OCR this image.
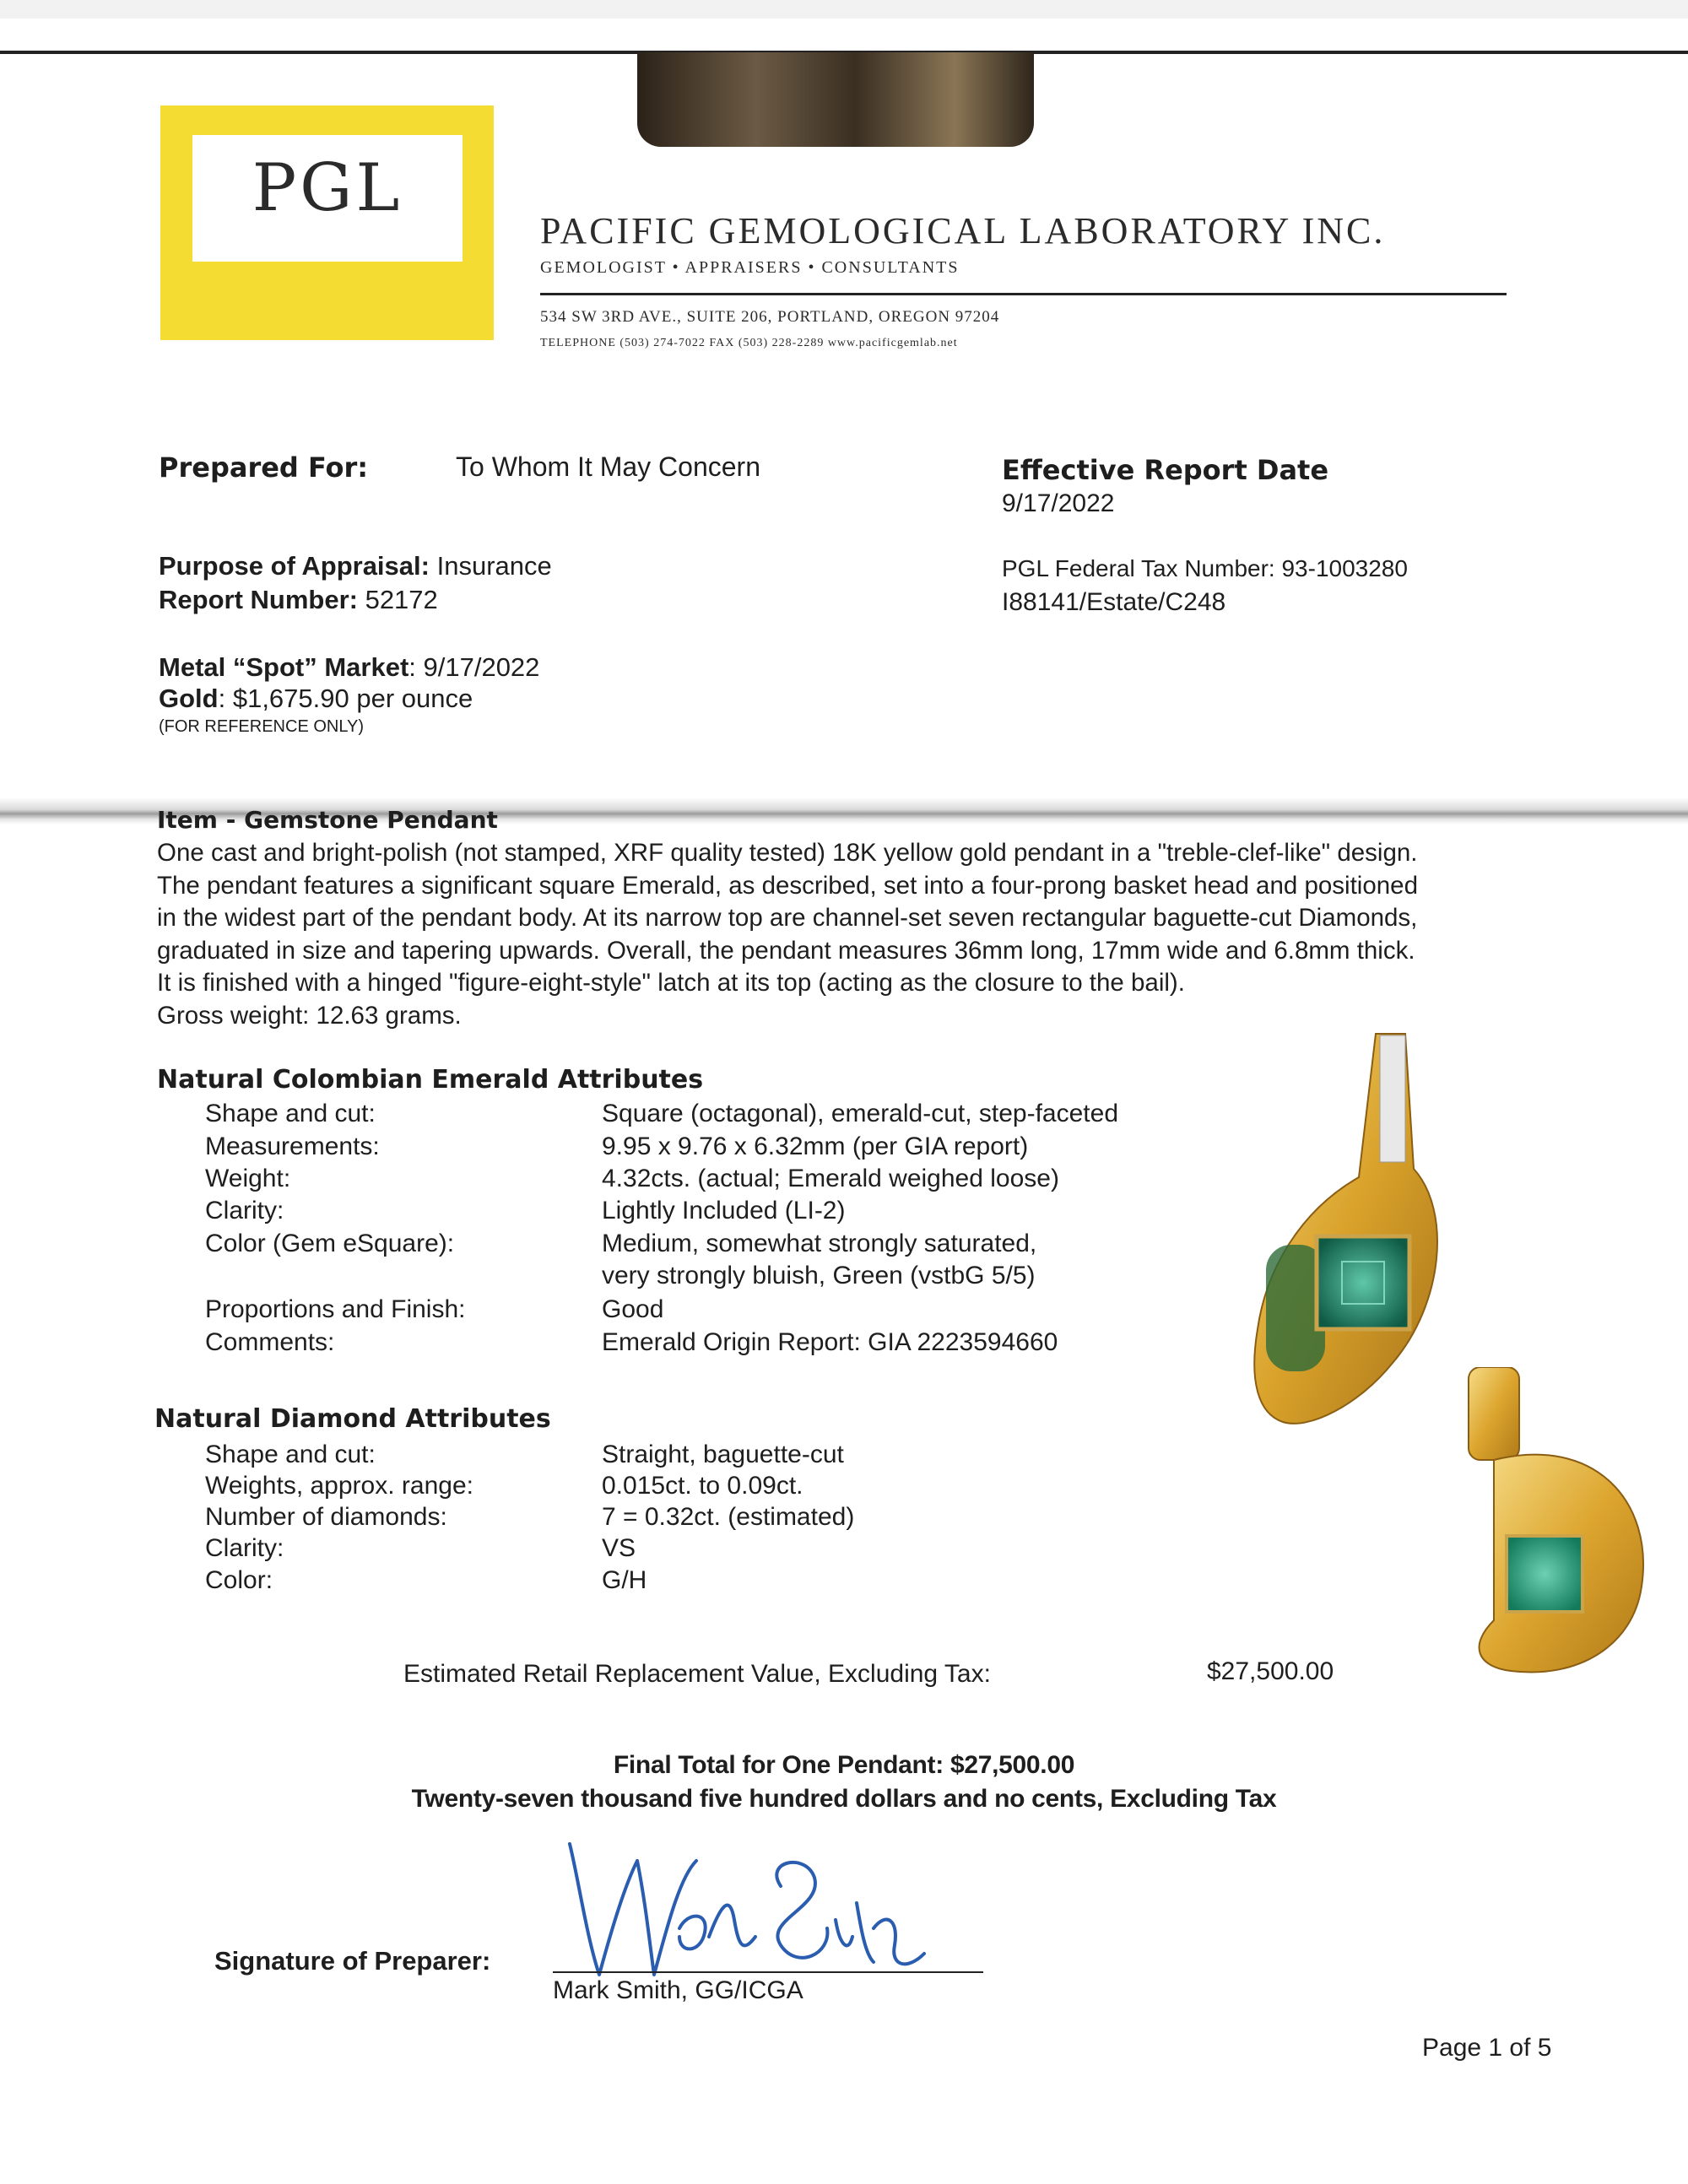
PGL
PACIFIC GEMOLOGICAL LABORATORY INC.
GEMOLOGIST • APPRAISERS • CONSULTANTS
534 SW 3RD AVE., SUITE 206, PORTLAND, OREGON 97204
TELEPHONE (503) 274-7022 FAX (503) 228-2289 www.pacificgemlab.net
Prepared For:	To Whom It May Concern	Effective Report Date
9/17/2022
Purpose of Appraisal: Insurance
Report Number: 52172
PGL Federal Tax Number: 93-1003280
I88141/Estate/C248
Metal “Spot” Market: 9/17/2022
Gold: $1,675.90 per ounce
(FOR REFERENCE ONLY)
Item - Gemstone Pendant
One cast and bright-polish (not stamped, XRF quality tested) 18K yellow gold pendant in a "treble-clef-like" design.
The pendant features a significant square Emerald, as described, set into a four-prong basket head and positioned
in the widest part of the pendant body. At its narrow top are channel-set seven rectangular baguette-cut Diamonds,
graduated in size and tapering upwards. Overall, the pendant measures 36mm long, 17mm wide and 6.8mm thick.
It is finished with a hinged "figure-eight-style" latch at its top (acting as the closure to the bail).
Gross weight: 12.63 grams.
Natural Colombian Emerald Attributes
Shape and cut:	Square (octagonal), emerald-cut, step-faceted
Measurements:	9.95 x 9.76 x 6.32mm (per GIA report)
Weight:	4.32cts. (actual; Emerald weighed loose)
Clarity:	Lightly Included (LI-2)
Color (Gem eSquare):	Medium, somewhat strongly saturated,
very strongly bluish, Green (vstbG 5/5)
Proportions and Finish:	Good
Comments:	Emerald Origin Report: GIA 2223594660
Natural Diamond Attributes
Shape and cut:	Straight, baguette-cut
Weights, approx. range:	0.015ct. to 0.09ct.
Number of diamonds:	7 = 0.32ct. (estimated)
Clarity:	VS
Color:	G/H
Estimated Retail Replacement Value, Excluding Tax:	$27,500.00
Final Total for One Pendant: $27,500.00
Twenty-seven thousand five hundred dollars and no cents, Excluding Tax
Signature of Preparer:
Mark Smith, GG/ICGA
Page 1 of 5
